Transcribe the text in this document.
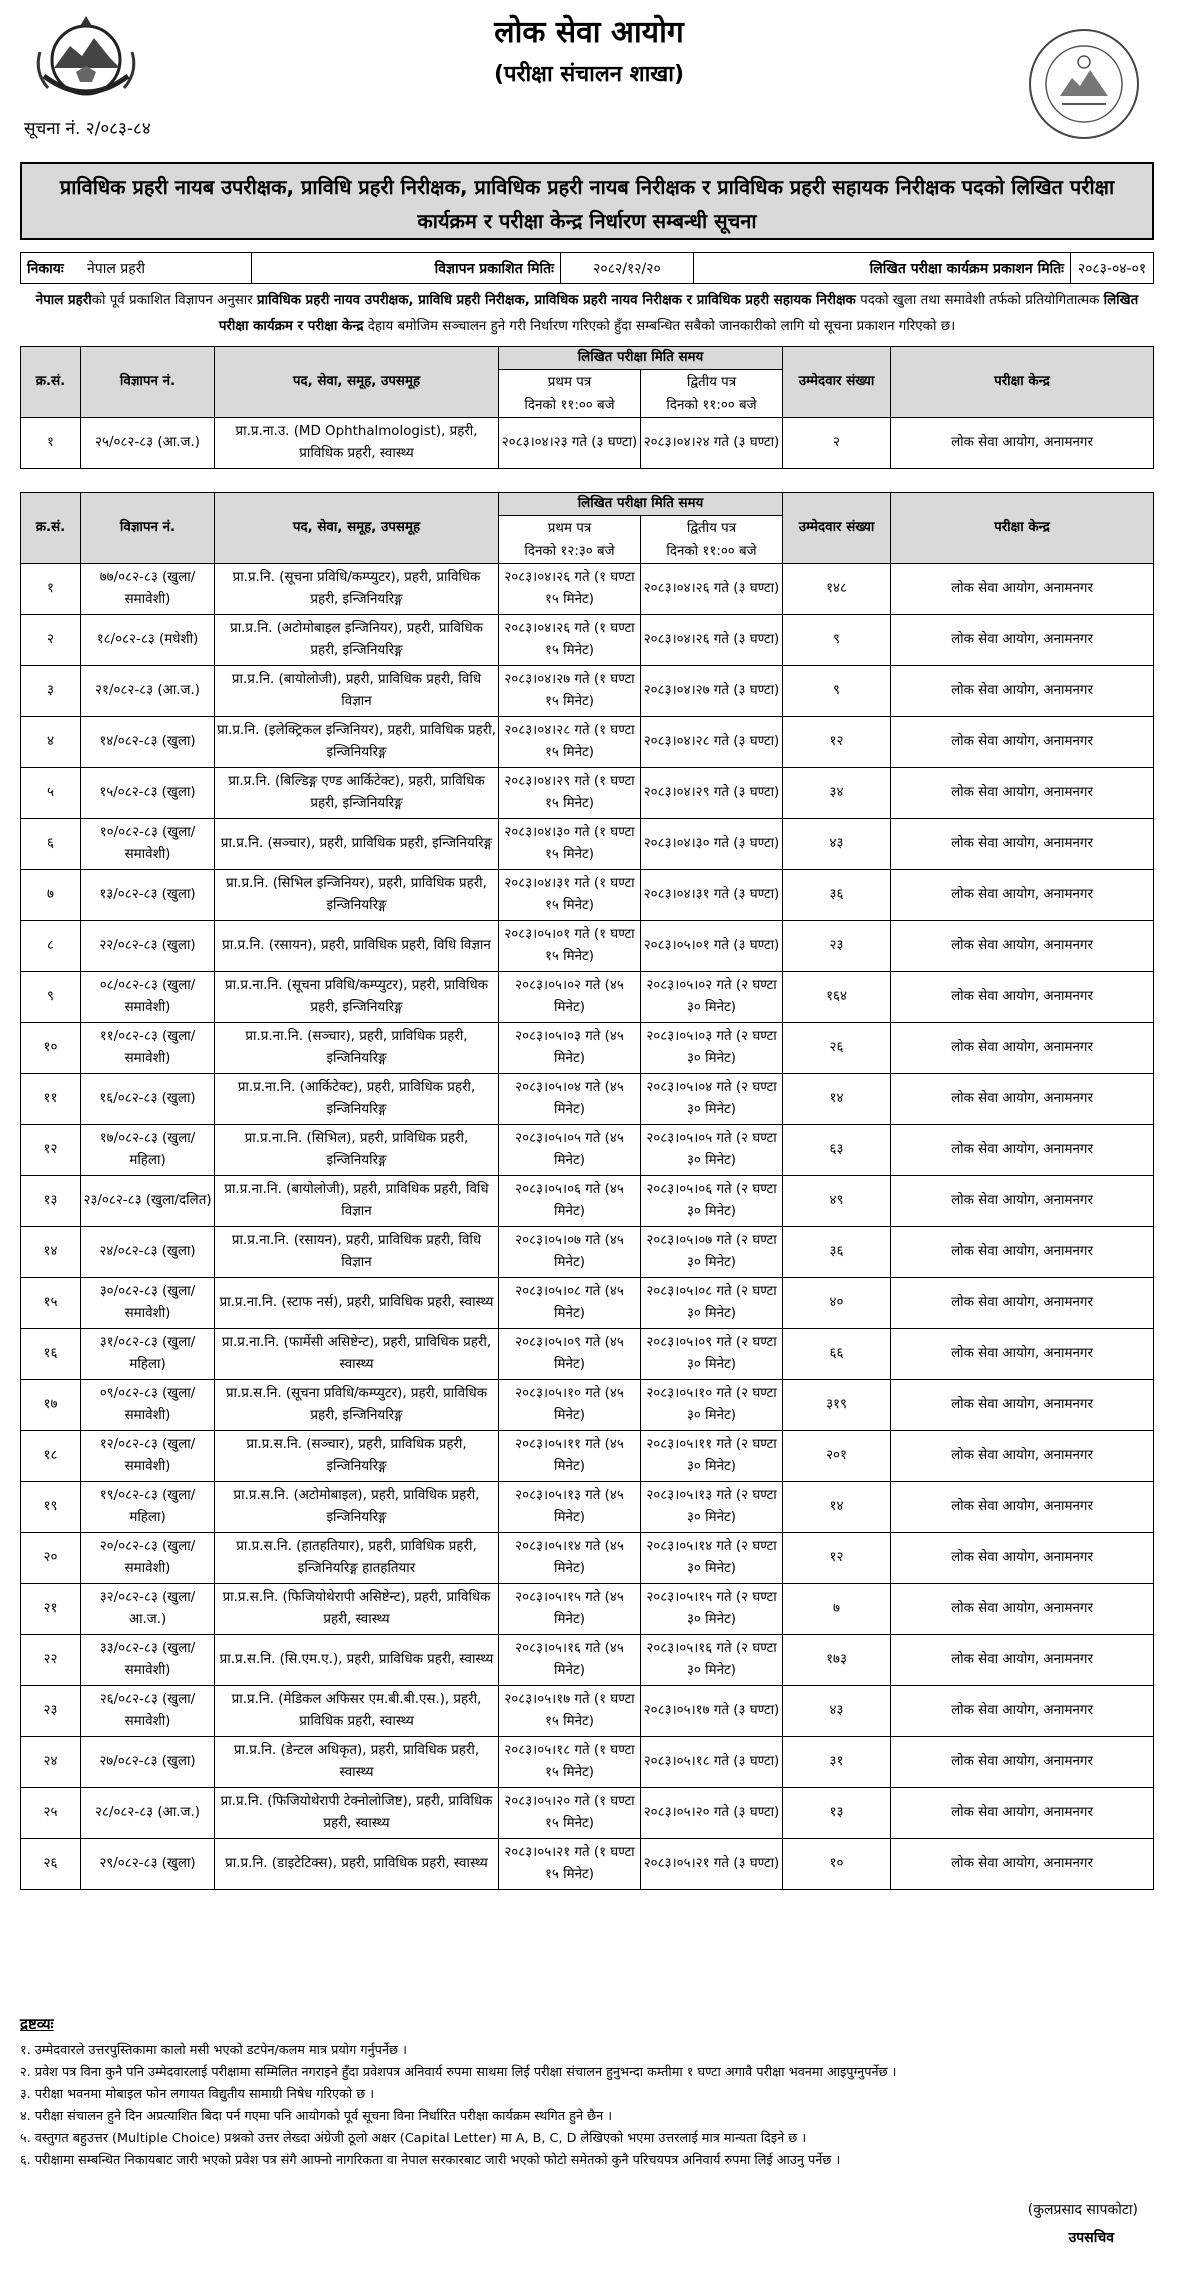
लोक सेवा आयोग
(परीक्षा संचालन शाखा)
सूचना नं. २/०८३-८४
प्राविधिक प्रहरी नायब उपरीक्षक, प्राविधि प्रहरी निरीक्षक, प्राविधिक प्रहरी नायब निरीक्षक र प्राविधिक प्रहरी सहायक निरीक्षक पदको लिखित परीक्षा कार्यक्रम र परीक्षा केन्द्र निर्धारण सम्बन्धी सूचना
निकायः	नेपाल प्रहरी	विज्ञापन प्रकाशित मितिः	२०८२/१२/२०	लिखित परीक्षा कार्यक्रम प्रकाशन मितिः	२०८३-०४-०१
नेपाल प्रहरीको पूर्व प्रकाशित विज्ञापन अनुसार प्राविधिक प्रहरी नायव उपरीक्षक, प्राविधि प्रहरी निरीक्षक, प्राविधिक प्रहरी नायव निरीक्षक र प्राविधिक प्रहरी सहायक निरीक्षक पदको खुला तथा समावेशी तर्फको प्रतियोगितात्मक लिखित परीक्षा कार्यक्रम र परीक्षा केन्द्र देहाय बमोजिम सञ्चालन हुने गरी निर्धारण गरिएको हुँदा सम्बन्धित सबैको जानकारीको लागि यो सूचना प्रकाशन गरिएको छ।
क्र.सं.	विज्ञापन नं.	पद, सेवा, समूह, उपसमूह	लिखित परीक्षा मिति समय		उम्मेदवार संख्या	परीक्षा केन्द्र
			प्रथम पत्र	द्वितीय पत्र		
			दिनको ११:०० बजे	दिनको ११:०० बजे		
१	२५/०८२-८३ (आ.ज.)	प्रा.प्र.ना.उ. (MD Ophthalmologist), प्रहरी, प्राविधिक प्रहरी, स्वास्थ्य	२०८३।०४।२३ गते (३ घण्टा)	२०८३।०४।२४ गते (३ घण्टा)	२	लोक सेवा आयोग, अनामनगर
क्र.सं.	विज्ञापन नं.	पद, सेवा, समूह, उपसमूह	लिखित परीक्षा मिति समय		उम्मेदवार संख्या	परीक्षा केन्द्र
			प्रथम पत्र	द्वितीय पत्र		
			दिनको १२:३० बजे	दिनको ११:०० बजे		
१	७७/०८२-८३ (खुला/समावेशी)	प्रा.प्र.नि. (सूचना प्रविधि/कम्प्युटर), प्रहरी, प्राविधिक प्रहरी, इन्जिनियरिङ्ग	२०८३।०४।२६ गते (१ घण्टा १५ मिनेट)	२०८३।०४।२६ गते (३ घण्टा)	१४८	लोक सेवा आयोग, अनामनगर
२	१८/०८२-८३ (मधेशी)	प्रा.प्र.नि. (अटोमोबाइल इन्जिनियर), प्रहरी, प्राविधिक प्रहरी, इन्जिनियरिङ्ग	२०८३।०४।२६ गते (१ घण्टा १५ मिनेट)	२०८३।०४।२६ गते (३ घण्टा)	९	लोक सेवा आयोग, अनामनगर
३	२१/०८२-८३ (आ.ज.)	प्रा.प्र.नि. (बायोलोजी), प्रहरी, प्राविधिक प्रहरी, विधि विज्ञान	२०८३।०४।२७ गते (१ घण्टा १५ मिनेट)	२०८३।०४।२७ गते (३ घण्टा)	९	लोक सेवा आयोग, अनामनगर
४	१४/०८२-८३ (खुला)	प्रा.प्र.नि. (इलेक्ट्रिकल इन्जिनियर), प्रहरी, प्राविधिक प्रहरी, इन्जिनियरिङ्ग	२०८३।०४।२८ गते (१ घण्टा १५ मिनेट)	२०८३।०४।२८ गते (३ घण्टा)	१२	लोक सेवा आयोग, अनामनगर
५	१५/०८२-८३ (खुला)	प्रा.प्र.नि. (बिल्डिङ्ग एण्ड आर्किटेक्ट), प्रहरी, प्राविधिक प्रहरी, इन्जिनियरिङ्ग	२०८३।०४।२९ गते (१ घण्टा १५ मिनेट)	२०८३।०४।२९ गते (३ घण्टा)	३४	लोक सेवा आयोग, अनामनगर
६	१०/०८२-८३ (खुला/समावेशी)	प्रा.प्र.नि. (सञ्चार), प्रहरी, प्राविधिक प्रहरी, इन्जिनियरिङ्ग	२०८३।०४।३० गते (१ घण्टा १५ मिनेट)	२०८३।०४।३० गते (३ घण्टा)	४३	लोक सेवा आयोग, अनामनगर
७	१३/०८२-८३ (खुला)	प्रा.प्र.नि. (सिभिल इन्जिनियर), प्रहरी, प्राविधिक प्रहरी, इन्जिनियरिङ्ग	२०८३।०४।३१ गते (१ घण्टा १५ मिनेट)	२०८३।०४।३१ गते (३ घण्टा)	३६	लोक सेवा आयोग, अनामनगर
८	२२/०८२-८३ (खुला)	प्रा.प्र.नि. (रसायन), प्रहरी, प्राविधिक प्रहरी, विधि विज्ञान	२०८३।०५।०१ गते (१ घण्टा १५ मिनेट)	२०८३।०५।०१ गते (३ घण्टा)	२३	लोक सेवा आयोग, अनामनगर
९	०८/०८२-८३ (खुला/समावेशी)	प्रा.प्र.ना.नि. (सूचना प्रविधि/कम्प्युटर), प्रहरी, प्राविधिक प्रहरी, इन्जिनियरिङ्ग	२०८३।०५।०२ गते (४५ मिनेट)	२०८३।०५।०२ गते (२ घण्टा ३० मिनेट)	१६४	लोक सेवा आयोग, अनामनगर
१०	११/०८२-८३ (खुला/समावेशी)	प्रा.प्र.ना.नि. (सञ्चार), प्रहरी, प्राविधिक प्रहरी, इन्जिनियरिङ्ग	२०८३।०५।०३ गते (४५ मिनेट)	२०८३।०५।०३ गते (२ घण्टा ३० मिनेट)	२६	लोक सेवा आयोग, अनामनगर
११	१६/०८२-८३ (खुला)	प्रा.प्र.ना.नि. (आर्किटेक्ट), प्रहरी, प्राविधिक प्रहरी, इन्जिनियरिङ्ग	२०८३।०५।०४ गते (४५ मिनेट)	२०८३।०५।०४ गते (२ घण्टा ३० मिनेट)	१४	लोक सेवा आयोग, अनामनगर
१२	१७/०८२-८३ (खुला/महिला)	प्रा.प्र.ना.नि. (सिभिल), प्रहरी, प्राविधिक प्रहरी, इन्जिनियरिङ्ग	२०८३।०५।०५ गते (४५ मिनेट)	२०८३।०५।०५ गते (२ घण्टा ३० मिनेट)	६३	लोक सेवा आयोग, अनामनगर
१३	२३/०८२-८३ (खुला/दलित)	प्रा.प्र.ना.नि. (बायोलोजी), प्रहरी, प्राविधिक प्रहरी, विधि विज्ञान	२०८३।०५।०६ गते (४५ मिनेट)	२०८३।०५।०६ गते (२ घण्टा ३० मिनेट)	४९	लोक सेवा आयोग, अनामनगर
१४	२४/०८२-८३ (खुला)	प्रा.प्र.ना.नि. (रसायन), प्रहरी, प्राविधिक प्रहरी, विधि विज्ञान	२०८३।०५।०७ गते (४५ मिनेट)	२०८३।०५।०७ गते (२ घण्टा ३० मिनेट)	३६	लोक सेवा आयोग, अनामनगर
१५	३०/०८२-८३ (खुला/समावेशी)	प्रा.प्र.ना.नि. (स्टाफ नर्स), प्रहरी, प्राविधिक प्रहरी, स्वास्थ्य	२०८३।०५।०८ गते (४५ मिनेट)	२०८३।०५।०८ गते (२ घण्टा ३० मिनेट)	४०	लोक सेवा आयोग, अनामनगर
१६	३१/०८२-८३ (खुला/महिला)	प्रा.प्र.ना.नि. (फार्मेसी असिष्टेन्ट), प्रहरी, प्राविधिक प्रहरी, स्वास्थ्य	२०८३।०५।०९ गते (४५ मिनेट)	२०८३।०५।०९ गते (२ घण्टा ३० मिनेट)	६६	लोक सेवा आयोग, अनामनगर
१७	०९/०८२-८३ (खुला/समावेशी)	प्रा.प्र.स.नि. (सूचना प्रविधि/कम्प्युटर), प्रहरी, प्राविधिक प्रहरी, इन्जिनियरिङ्ग	२०८३।०५।१० गते (४५ मिनेट)	२०८३।०५।१० गते (२ घण्टा ३० मिनेट)	३१९	लोक सेवा आयोग, अनामनगर
१८	१२/०८२-८३ (खुला/समावेशी)	प्रा.प्र.स.नि. (सञ्चार), प्रहरी, प्राविधिक प्रहरी, इन्जिनियरिङ्ग	२०८३।०५।११ गते (४५ मिनेट)	२०८३।०५।११ गते (२ घण्टा ३० मिनेट)	२०१	लोक सेवा आयोग, अनामनगर
१९	१९/०८२-८३ (खुला/महिला)	प्रा.प्र.स.नि. (अटोमोबाइल), प्रहरी, प्राविधिक प्रहरी, इन्जिनियरिङ्ग	२०८३।०५।१३ गते (४५ मिनेट)	२०८३।०५।१३ गते (२ घण्टा ३० मिनेट)	१४	लोक सेवा आयोग, अनामनगर
२०	२०/०८२-८३ (खुला/समावेशी)	प्रा.प्र.स.नि. (हातहतियार), प्रहरी, प्राविधिक प्रहरी, इन्जिनियरिङ्ग हातहतियार	२०८३।०५।१४ गते (४५ मिनेट)	२०८३।०५।१४ गते (२ घण्टा ३० मिनेट)	१२	लोक सेवा आयोग, अनामनगर
२१	३२/०८२-८३ (खुला/आ.ज.)	प्रा.प्र.स.नि. (फिजियोथेरापी असिष्टेन्ट), प्रहरी, प्राविधिक प्रहरी, स्वास्थ्य	२०८३।०५।१५ गते (४५ मिनेट)	२०८३।०५।१५ गते (२ घण्टा ३० मिनेट)	७	लोक सेवा आयोग, अनामनगर
२२	३३/०८२-८३ (खुला/समावेशी)	प्रा.प्र.स.नि. (सि.एम.ए.), प्रहरी, प्राविधिक प्रहरी, स्वास्थ्य	२०८३।०५।१६ गते (४५ मिनेट)	२०८३।०५।१६ गते (२ घण्टा ३० मिनेट)	१७३	लोक सेवा आयोग, अनामनगर
२३	२६/०८२-८३ (खुला/समावेशी)	प्रा.प्र.नि. (मेडिकल अफिसर एम.बी.बी.एस.), प्रहरी, प्राविधिक प्रहरी, स्वास्थ्य	२०८३।०५।१७ गते (१ घण्टा १५ मिनेट)	२०८३।०५।१७ गते (३ घण्टा)	४३	लोक सेवा आयोग, अनामनगर
२४	२७/०८२-८३ (खुला)	प्रा.प्र.नि. (डेन्टल अधिकृत), प्रहरी, प्राविधिक प्रहरी, स्वास्थ्य	२०८३।०५।१८ गते (१ घण्टा १५ मिनेट)	२०८३।०५।१८ गते (३ घण्टा)	३१	लोक सेवा आयोग, अनामनगर
२५	२८/०८२-८३ (आ.ज.)	प्रा.प्र.नि. (फिजियोथेरापी टेक्नोलोजिष्ट), प्रहरी, प्राविधिक प्रहरी, स्वास्थ्य	२०८३।०५।२० गते (१ घण्टा १५ मिनेट)	२०८३।०५।२० गते (३ घण्टा)	१३	लोक सेवा आयोग, अनामनगर
२६	२९/०८२-८३ (खुला)	प्रा.प्र.नि. (डाइटेटिक्स), प्रहरी, प्राविधिक प्रहरी, स्वास्थ्य	२०८३।०५।२१ गते (१ घण्टा १५ मिनेट)	२०८३।०५।२१ गते (३ घण्टा)	१०	लोक सेवा आयोग, अनामनगर
द्रष्टव्यः
१. उम्मेदवारले उत्तरपुस्तिकामा कालो मसी भएको डटपेन/कलम मात्र प्रयोग गर्नुपर्नेछ ।
२. प्रवेश पत्र विना कुनै पनि उम्मेदवारलाई परीक्षामा सम्मिलित नगराइने हुँदा प्रवेशपत्र अनिवार्य रुपमा साथमा लिई परीक्षा संचालन हुनुभन्दा कम्तीमा १ घण्टा अगावै परीक्षा भवनमा आइपुग्नुपर्नेछ ।
३. परीक्षा भवनमा मोबाइल फोन लगायत विद्युतीय सामाग्री निषेध गरिएको छ ।
४. परीक्षा संचालन हुने दिन अप्रत्याशित बिदा पर्न गएमा पनि आयोगको पूर्व सूचना विना निर्धारित परीक्षा कार्यक्रम स्थगित हुने छैन ।
५. वस्तुगत बहुउत्तर (Multiple Choice) प्रश्नको उत्तर लेख्दा अंग्रेजी ठूलो अक्षर (Capital Letter) मा A, B, C, D लेखिएको भएमा उत्तरलाई मात्र मान्यता दिइने छ ।
६. परीक्षामा सम्बन्धित निकायबाट जारी भएको प्रवेश पत्र संगै आफ्नो नागरिकता वा नेपाल सरकारबाट जारी भएको फोटो समेतको कुनै परिचयपत्र अनिवार्य रुपमा लिई आउनु पर्नेछ ।
(कुलप्रसाद सापकोटा)
उपसचिव
